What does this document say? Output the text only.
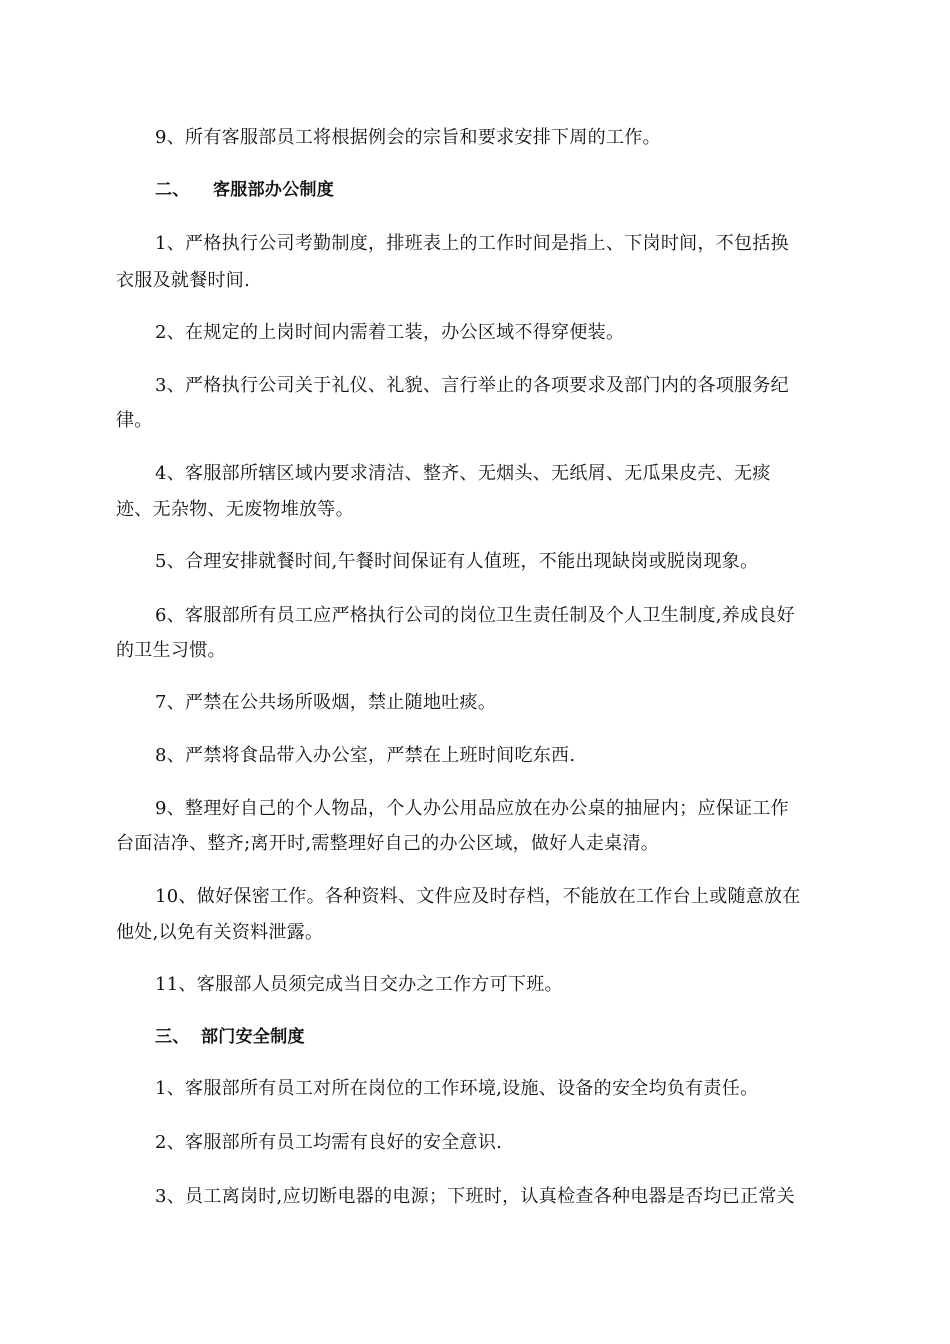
9、所有客服部员工将根据例会的宗旨和要求安排下周的工作。
二、 客服部办公制度
1、严格执行公司考勤制度，排班表上的工作时间是指上、下岗时间，不包括换
衣服及就餐时间.
2、在规定的上岗时间内需着工装，办公区域不得穿便装。
3、严格执行公司关于礼仪、礼貌、言行举止的各项要求及部门内的各项服务纪
律。
4、客服部所辖区域内要求清洁、整齐、无烟头、无纸屑、无瓜果皮壳、无痰
迹、无杂物、无废物堆放等。
5、合理安排就餐时间,午餐时间保证有人值班，不能出现缺岗或脱岗现象。
6、客服部所有员工应严格执行公司的岗位卫生责任制及个人卫生制度,养成良好
的卫生习惯。
7、严禁在公共场所吸烟，禁止随地吐痰。
8、严禁将食品带入办公室，严禁在上班时间吃东西.
9、整理好自己的个人物品，个人办公用品应放在办公桌的抽屉内；应保证工作
台面洁净、整齐;离开时,需整理好自己的办公区域，做好人走桌清。
10、做好保密工作。各种资料、文件应及时存档，不能放在工作台上或随意放在
他处,以免有关资料泄露。
11、客服部人员须完成当日交办之工作方可下班。
三、 部门安全制度
1、客服部所有员工对所在岗位的工作环境,设施、设备的安全均负有责任。
2、客服部所有员工均需有良好的安全意识.
3、员工离岗时,应切断电器的电源；下班时，认真检查各种电器是否均已正常关
